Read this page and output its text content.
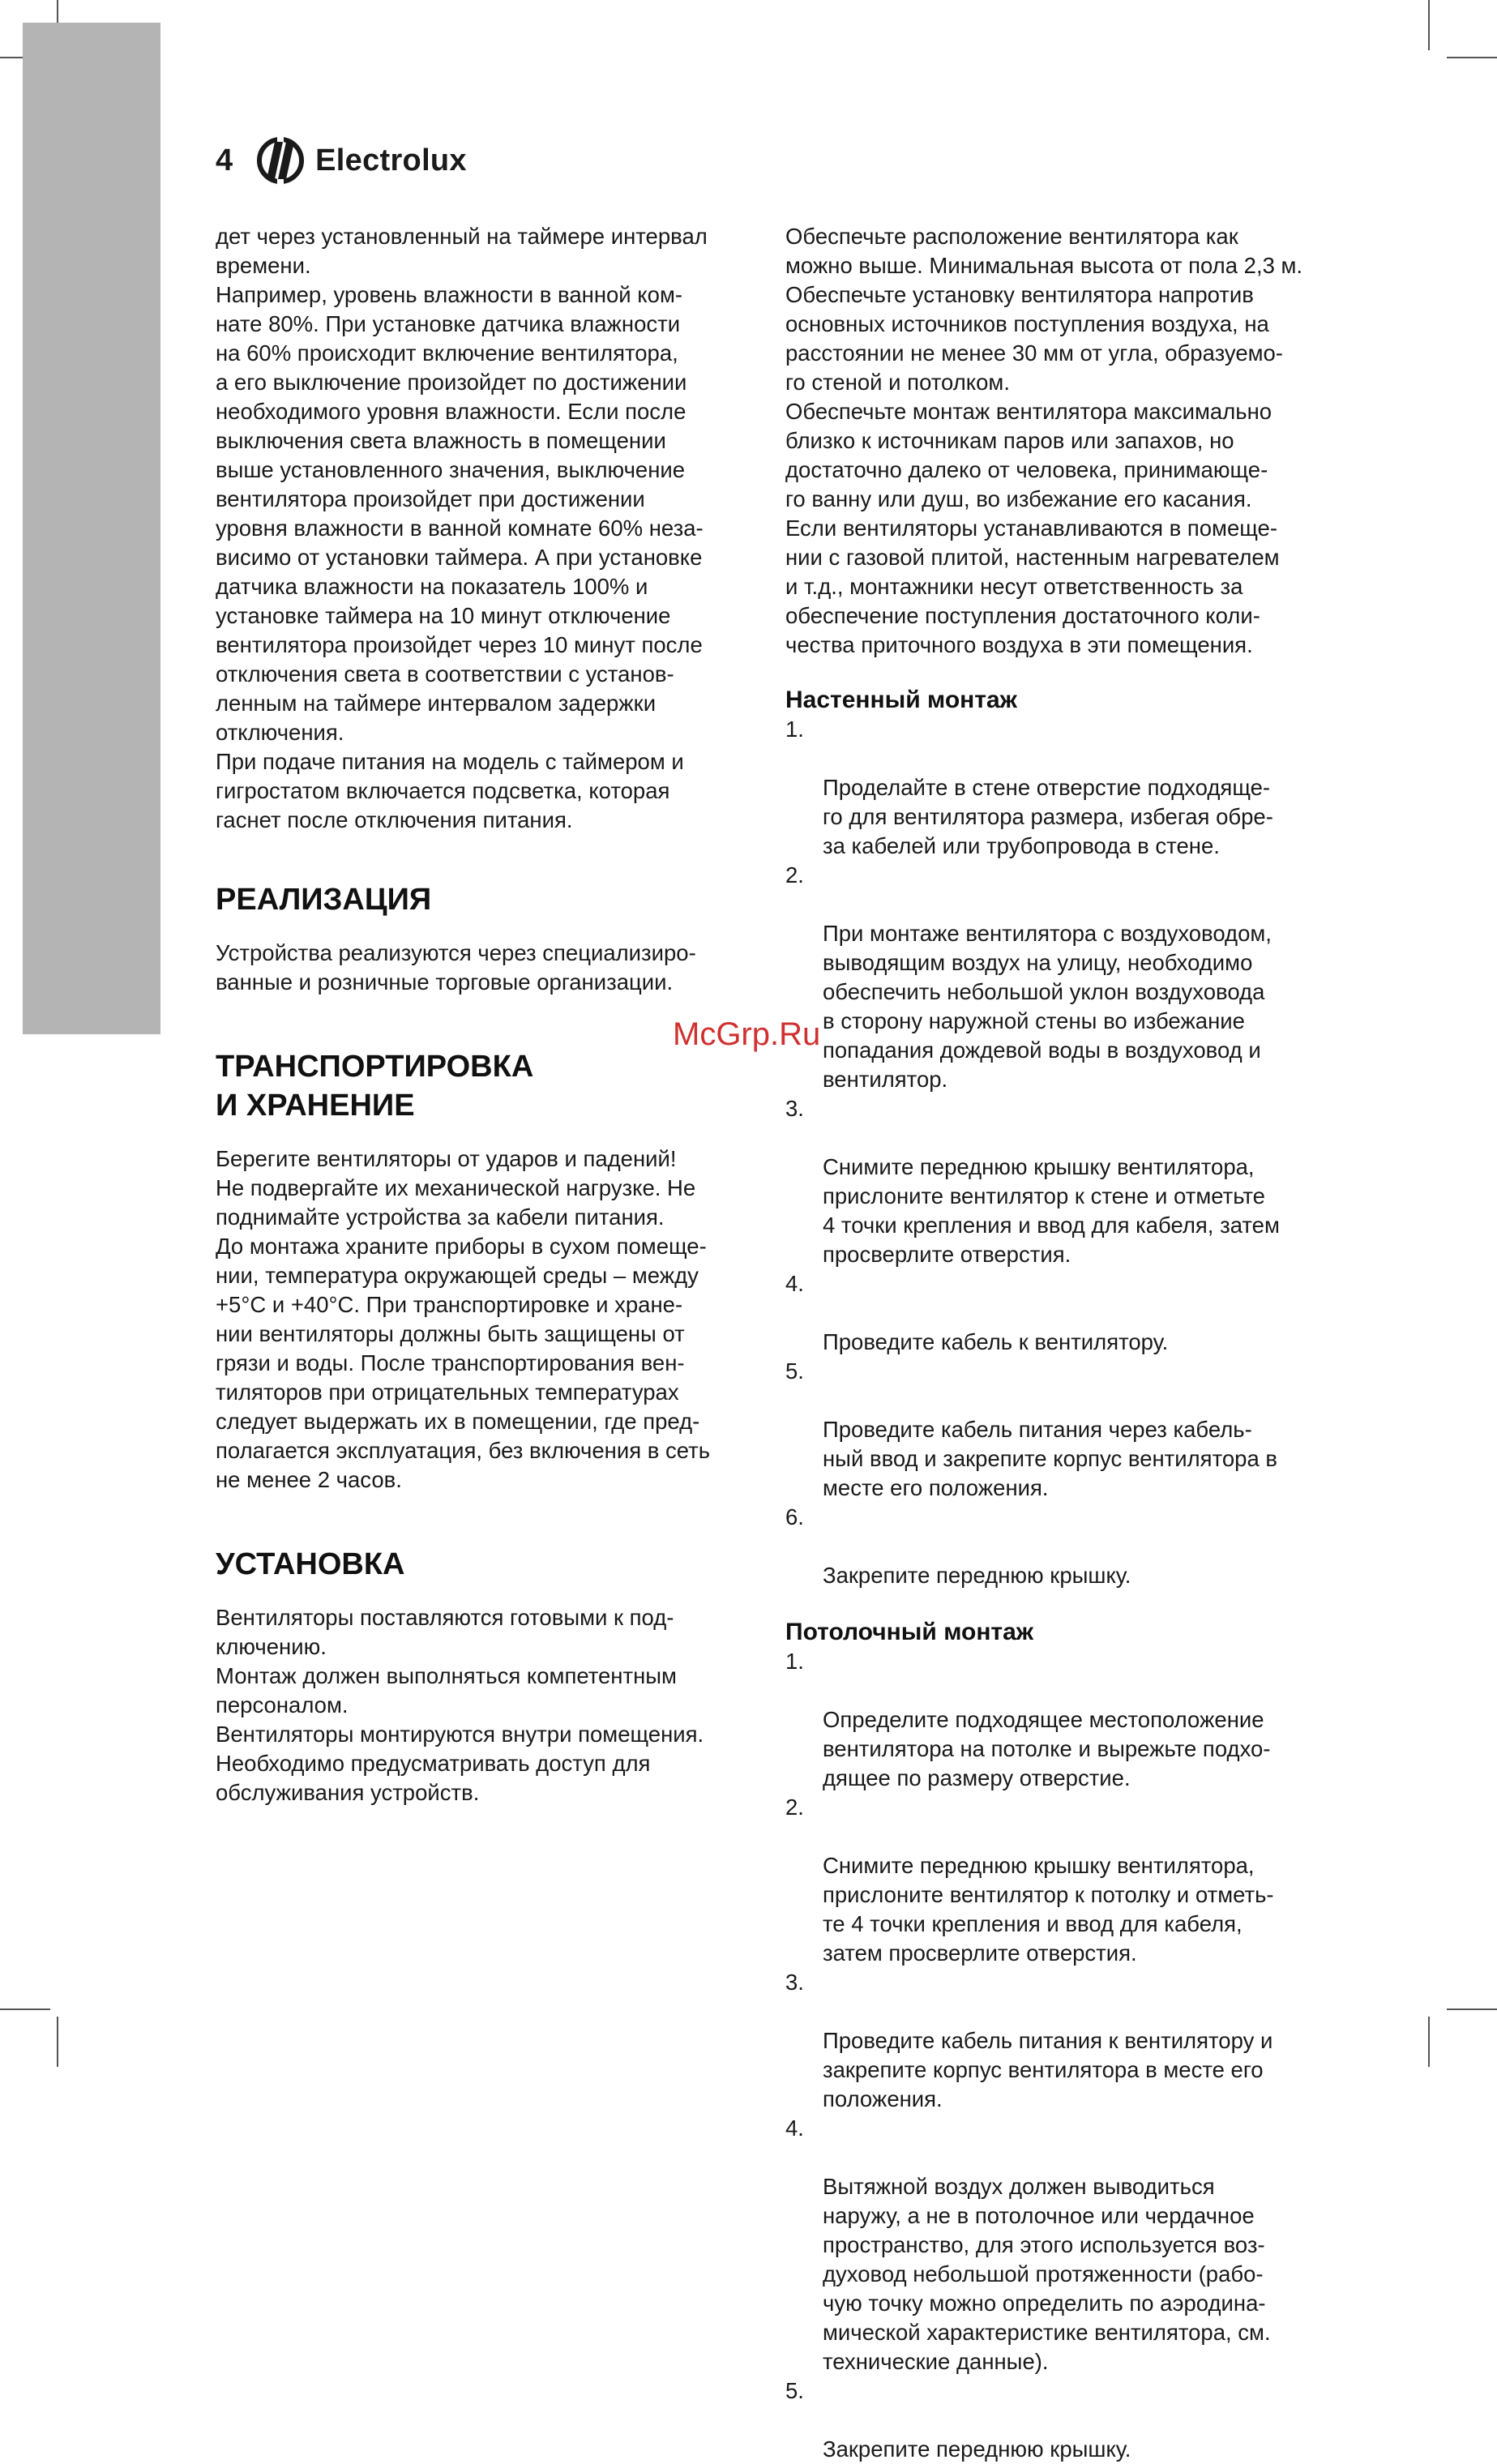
4	Electrolux

дет через установленный на таймере интервал
времени.

Например, уровень влажности в ванной ком-
нате 80%. При установке датчика влажности
на 60% происходит включение вентилятора,
а его выключение произойдет по достижении
необходимого уровня влажности. Если после
выключения света влажность в помещении
выше установленного значения, выключение
вентилятора произойдет при достижении
уровня влажности в ванной комнате 60% неза-
висимо от установки таймера. А при установке
датчика влажности на показатель 100% и
установке таймера на 10 минут отключение
вентилятора произойдет через 10 минут после
отключения света в соответствии с установ-
ленным на таймере интервалом задержки
отключения.

При подаче питания на модель с таймером и
гигростатом включается подсветка, которая
гаснет после отключения питания.

РЕАЛИЗАЦИЯ

Устройства реализуются через специализиро-
ванные и розничные торговые организации.

ТРАНСПОРТИРОВКА
И ХРАНЕНИЕ

Берегите вентиляторы от ударов и падений!
Не подвергайте их механической нагрузке. Не
поднимайте устройства за кабели питания.
До монтажа храните приборы в сухом помеще-
нии, температура окружающей среды – между
+5°С и +40°С. При транспортировке и хране-
нии вентиляторы должны быть защищены от
грязи и воды. После транспортирования вен-
тиляторов при отрицательных температурах
следует выдержать их в помещении, где пред-
полагается эксплуатация, без включения в сеть
не менее 2 часов.

УСТАНОВКА

Вентиляторы поставляются готовыми к под-
ключению.
Монтаж должен выполняться компетентным
персоналом.
Вентиляторы монтируются внутри помещения.
Необходимо предусматривать доступ для
обслуживания устройств.

Обеспечьте расположение вентилятора как
можно выше. Минимальная высота от пола 2,3 м.
Обеспечьте установку вентилятора напротив
основных источников поступления воздуха, на
расстоянии не менее 30 мм от угла, образуемо-
го стеной и потолком.
Обеспечьте монтаж вентилятора максимально
близко к источникам паров или запахов, но
достаточно далеко от человека, принимающе-
го ванну или душ, во избежание его касания.
Если вентиляторы устанавливаются в помеще-
нии с газовой плитой, настенным нагревателем
и т.д., монтажники несут ответственность за
обеспечение поступления достаточного коли-
чества приточного воздуха в эти помещения.

Настенный монтаж

1.

Проделайте в стене отверстие подходяще-
го для вентилятора размера, избегая обре-
за кабелей или трубопровода в стене.

2.

При монтаже вентилятора с воздуховодом,
выводящим воздух на улицу, необходимо
обеспечить небольшой уклон воздуховода
в сторону наружной стены во избежание
попадания дождевой воды в воздуховод и
вентилятор.

3.

Снимите переднюю крышку вентилятора,
прислоните вентилятор к стене и отметьте
4 точки крепления и ввод для кабеля, затем
просверлите отверстия.

4.

Проведите кабель к вентилятору.

5.

Проведите кабель питания через кабель-
ный ввод и закрепите корпус вентилятора в
месте его положения.

6.

Закрепите переднюю крышку.

Потолочный монтаж

1.

Определите подходящее местоположение
вентилятора на потолке и вырежьте подхо-
дящее по размеру отверстие.

2.

Снимите переднюю крышку вентилятора,
прислоните вентилятор к потолку и отметь-
те 4 точки крепления и ввод для кабеля,
затем просверлите отверстия.

3.

Проведите кабель питания к вентилятору и
закрепите корпус вентилятора в месте его
положения.

4.

Вытяжной воздух должен выводиться
наружу, а не в потолочное или чердачное
пространство, для этого используется воз-
духовод небольшой протяженности (рабо-
чую точку можно определить по аэродина-
мической характеристике вентилятора, см.
технические данные).

5.

Закрепите переднюю крышку.

McGrp.Ru
